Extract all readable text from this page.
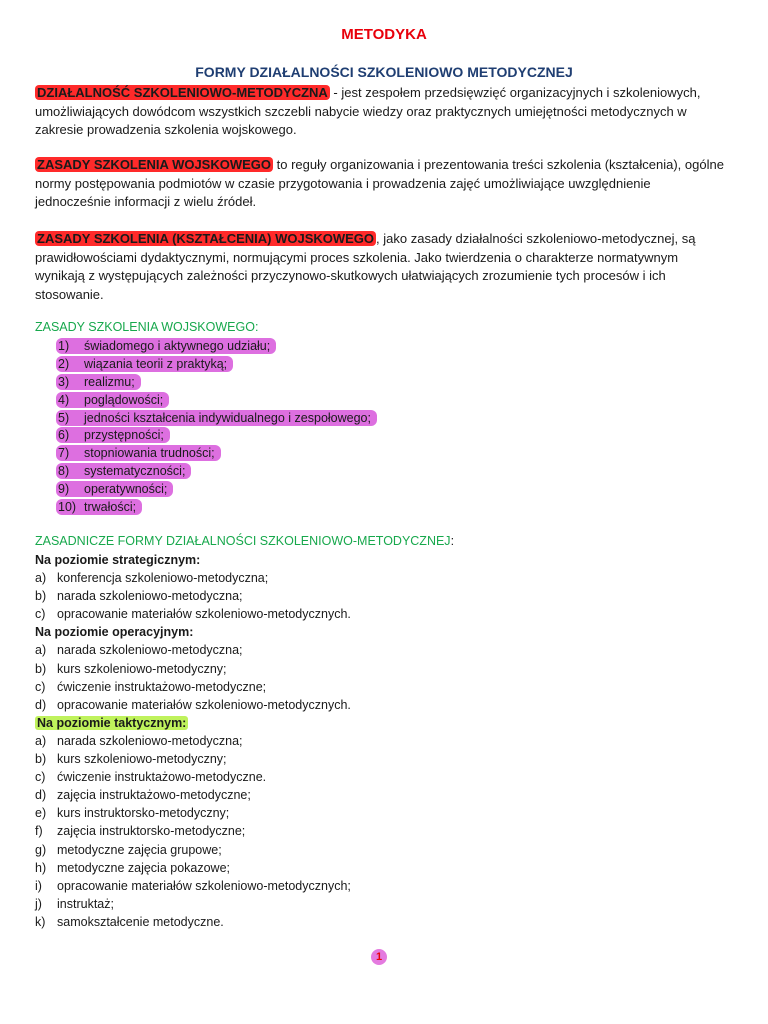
METODYKA
FORMY DZIAŁALNOŚCI SZKOLENIOWO METODYCZNEJ
DZIAŁALNOŚĆ SZKOLENIOWO-METODYCZNA - jest zespołem przedsięwzięć organizacyjnych i szkoleniowych, umożliwiających dowódcom wszystkich szczebli nabycie wiedzy oraz praktycznych umiejętności metodycznych w zakresie prowadzenia szkolenia wojskowego.
ZASADY SZKOLENIA WOJSKOWEGO to reguły organizowania i prezentowania treści szkolenia (kształcenia), ogólne normy postępowania podmiotów w czasie przygotowania i prowadzenia zajęć umożliwiające uwzględnienie jednocześnie informacji z wielu źródeł.
ZASADY SZKOLENIA (KSZTAŁCENIA) WOJSKOWEGO , jako zasady działalności szkoleniowo-metodycznej, są prawidłowościami dydaktycznymi, normującymi proces szkolenia. Jako twierdzenia o charakterze normatywnym wynikają z występujących zależności przyczynowo-skutkowych ułatwiających zrozumienie tych procesów i ich stosowanie.
ZASADY SZKOLENIA WOJSKOWEGO:
1) świadomego i aktywnego udziału;
2) wiązania teorii z praktyką;
3) realizmu;
4) poglądowości;
5) jedności kształcenia indywidualnego i zespołowego;
6) przystępności;
7) stopniowania trudności;
8) systematyczności;
9) operatywności;
10) trwałości;
ZASADNICZE FORMY DZIAŁALNOŚCI SZKOLENIOWO-METODYCZNEJ:
Na poziomie strategicznym:
a) konferencja szkoleniowo-metodyczna;
b) narada szkoleniowo-metodyczna;
c) opracowanie materiałów szkoleniowo-metodycznych.
Na poziomie operacyjnym:
a) narada szkoleniowo-metodyczna;
b) kurs szkoleniowo-metodyczny;
c) ćwiczenie instruktażowo-metodyczne;
d) opracowanie materiałów szkoleniowo-metodycznych.
Na poziomie taktycznym:
a) narada szkoleniowo-metodyczna;
b) kurs szkoleniowo-metodyczny;
c) ćwiczenie instruktażowo-metodyczne.
d) zajęcia instruktażowo-metodyczne;
e) kurs instruktorsko-metodyczny;
f) zajęcia instruktorsko-metodyczne;
g) metodyczne zajęcia grupowe;
h) metodyczne zajęcia pokazowe;
i) opracowanie materiałów szkoleniowo-metodycznych;
j) instruktaż;
k) samokształcenie metodyczne.
1
